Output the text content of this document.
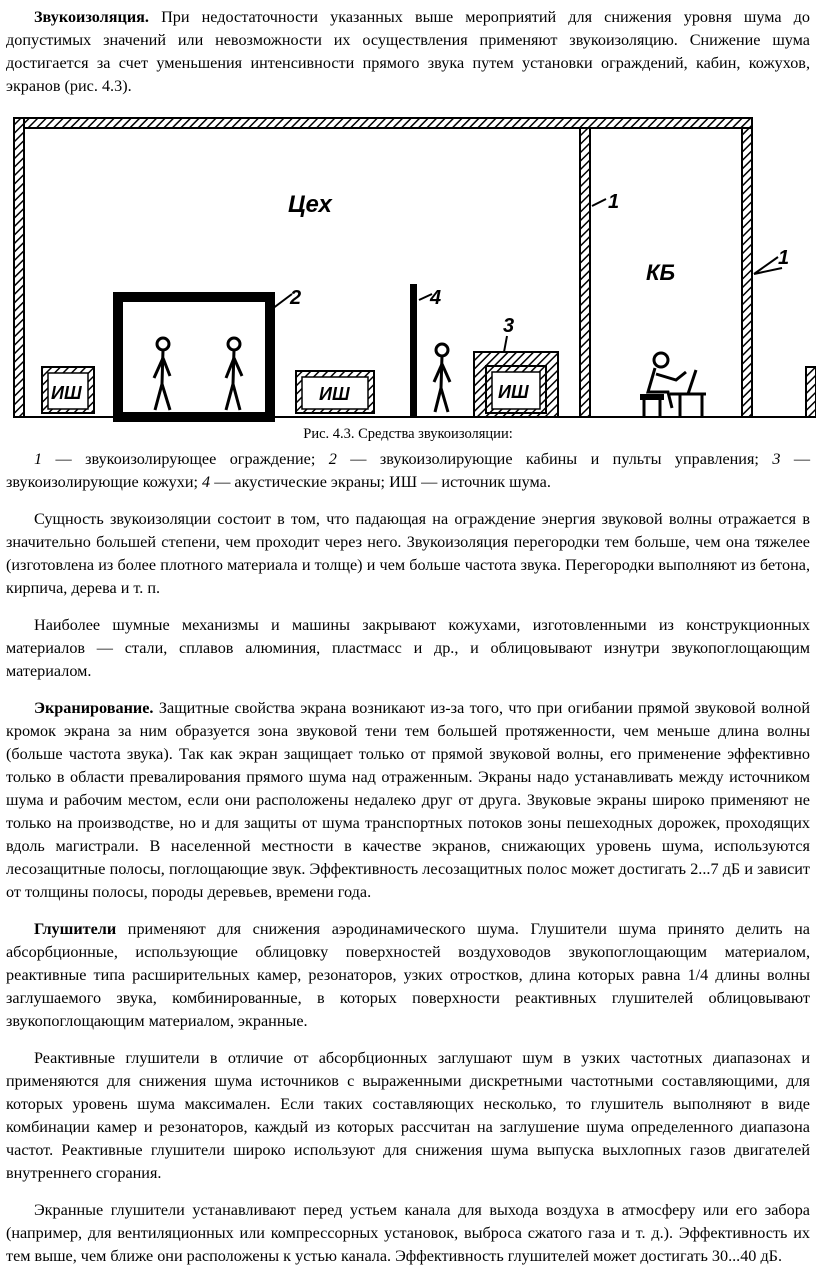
Звукоизоляция. При недостаточности указанных выше мероприятий для снижения уровня шума до допустимых значений или невозможности их осуществления применяют звукоизоляцию. Снижение шума достигается за счет уменьшения интенсивности прямого звука путем установки ограждений, кабин, кожухов, экранов (рис. 4.3).

Цех
КБ
1
1
ИШ
2
ИШ
4
ИШ
3

Рис. 4.3. Средства звукоизоляции:

1 — звукоизолирующее ограждение; 2 — звукоизолирующие кабины и пульты управления; 3 — звукоизолирующие кожухи; 4 — акустические экраны; ИШ — источник шума.

Сущность звукоизоляции состоит в том, что падающая на ограждение энергия звуковой волны отражается в значительно большей степени, чем проходит через него. Звукоизоляция перегородки тем больше, чем она тяжелее (изготовлена из более плотного материала и толще) и чем больше частота звука. Перегородки выполняют из бетона, кирпича, дерева и т. п.

Наиболее шумные механизмы и машины закрывают кожухами, изготовленными из конструкционных материалов — стали, сплавов алюминия, пластмасс и др., и облицовывают изнутри звукопоглощающим материалом.

Экранирование. Защитные свойства экрана возникают из-за того, что при огибании прямой звуковой волной кромок экрана за ним образуется зона звуковой тени тем большей протяженности, чем меньше длина волны (больше частота звука). Так как экран защищает только от прямой звуковой волны, его применение эффективно только в области превалирования прямого шума над отраженным. Экраны надо устанавливать между источником шума и рабочим местом, если они расположены недалеко друг от друга. Звуковые экраны широко применяют не только на производстве, но и для защиты от шума транспортных потоков зоны пешеходных дорожек, проходящих вдоль магистрали. В населенной местности в качестве экранов, снижающих уровень шума, используются лесозащитные полосы, поглощающие звук. Эффективность лесозащитных полос может достигать 2...7 дБ и зависит от толщины полосы, породы деревьев, времени года.

Глушители применяют для снижения аэродинамического шума. Глушители шума принято делить на абсорбционные, использующие облицовку поверхностей воздуховодов звукопоглощающим материалом, реактивные типа расширительных камер, резонаторов, узких отростков, длина которых равна 1/4 длины волны заглушаемого звука, комбинированные, в которых поверхности реактивных глушителей облицовывают звукопоглощающим материалом, экранные.

Реактивные глушители в отличие от абсорбционных заглушают шум в узких частотных диапазонах и применяются для снижения шума источников с выраженными дискретными частотными составляющими, для которых уровень шума максимален. Если таких составляющих несколько, то глушитель выполняют в виде комбинации камер и резонаторов, каждый из которых рассчитан на заглушение шума определенного диапазона частот. Реактивные глушители широко используют для снижения шума выпуска выхлопных газов двигателей внутреннего сгорания.

Экранные глушители устанавливают перед устьем канала для выхода воздуха в атмосферу или его забора (например, для вентиляционных или компрессорных установок, выброса сжатого газа и т. д.). Эффективность их тем выше, чем ближе они расположены к устью канала. Эффективность глушителей может достигать 30...40 дБ.
